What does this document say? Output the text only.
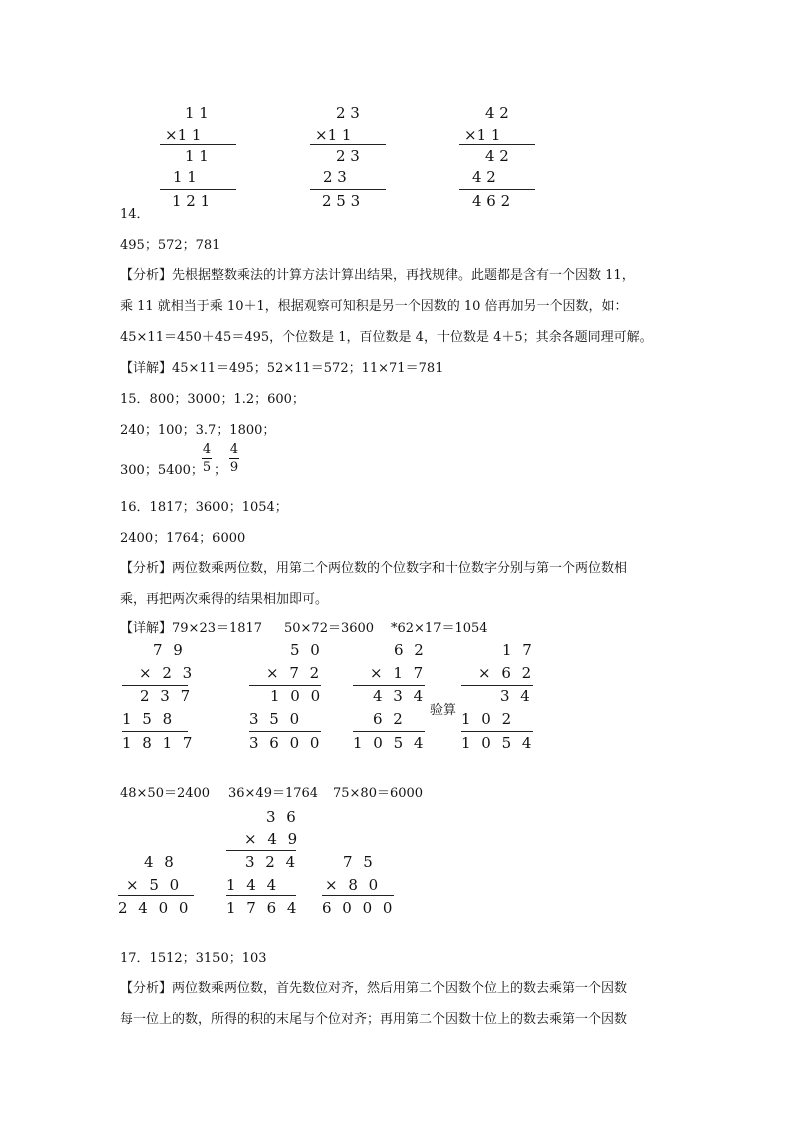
1 1
×1 1
1 1
1 1
1 2 1
2 3
×1 1
2 3
2 3
2 5 3
4 2
×1 1
4 2
4 2
4 6 2
14．
495；572；781
【分析】先根据整数乘法的计算方法计算出结果，再找规律。此题都是含有一个因数 11，
乘 11 就相当于乘 10＋1，根据观察可知积是另一个因数的 10 倍再加另一个因数，如：
45×11＝450＋45＝495，个位数是 1，百位数是 4，十位数是 4＋5；其余各题同理可解。
【详解】45×11＝495；52×11＝572；11×71＝781
15．800；3000；1.2；600；
240；100；3.7；1800；
300；5400；
4
5 ；
4
9
16．1817；3600；1054；
2400；1764；6000
【分析】两位数乘两位数，用第二个两位数的个位数字和十位数字分别与第一个两位数相
乘，再把两次乘得的结果相加即可。
【详解】79×23＝1817 50×72＝3600 *62×17＝1054
7 9
× 2 3
2 3 7
1 5 8
1 8 1 7
5 0
× 7 2
1 0 0
3 5 0
3 6 0 0
6 2
× 1 7
4 3 4
6 2
1 0 5 4
验算
1 7
× 6 2
3 4
1 0 2
1 0 5 4
48×50＝2400 36×49＝1764 75×80＝6000
4 8
× 5 0
2 4 0 0
3 6
× 4 9
3 2 4
1 4 4
1 7 6 4
7 5
× 8 0
6 0 0 0
17．1512；3150；103
【分析】两位数乘两位数，首先数位对齐，然后用第二个因数个位上的数去乘第一个因数
每一位上的数，所得的积的末尾与个位对齐；再用第二个因数十位上的数去乘第一个因数
